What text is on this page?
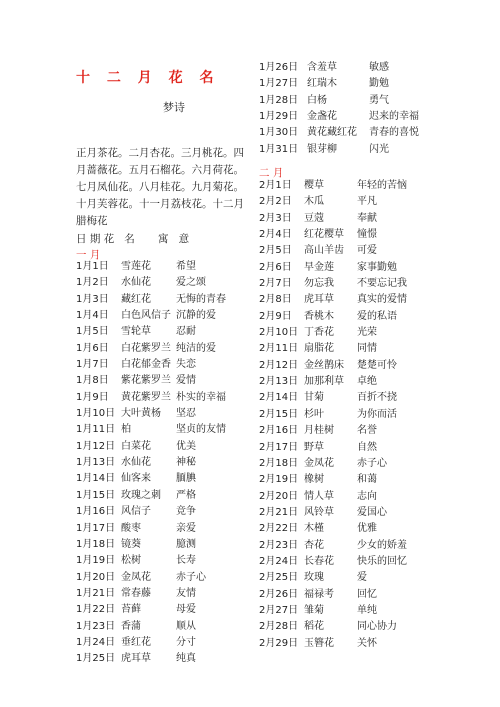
十 二 月 花 名
梦诗

正月茶花。二月杏花。三月桃花。四
月蔷薇花。五月石榴花。六月荷花。
七月凤仙花。八月桂花。九月菊花。
十月芙蓉花。十一月荔枝花。十二月
腊梅花

日 期 花   名       寓   意
一 月
1月1日 雪莲花	希望
1月2日 水仙花	爱之颂
1月3日 藏红花	无悔的青春
1月4日 白色风信子 沉静的爱
1月5日 雪轮草	忍耐
1月6日 白花紫罗兰 纯洁的爱
1月7日 白花郁金香 失恋
1月8日 紫花紫罗兰 爱情
1月9日 黄花紫罗兰 朴实的幸福
1月10日 大叶黄杨 坚忍
1月11日 柏	坚贞的友情
1月12日 白菜花	优美
1月13日 水仙花	神秘
1月14日 仙客来	腼腆
1月15日 玫瑰之刺 严格
1月16日 风信子	竞争
1月17日 酸枣	亲爱
1月18日 镜葵	臆测
1月19日 松树	长寿
1月20日 金凤花	赤子心
1月21日 常春藤	友情
1月22日 苔藓	母爱
1月23日 香蒲	顺从
1月24日 垂红花	分寸
1月25日 虎耳草	纯真
1月26日 含羞草	敏感
1月27日 红瑞木	勤勉
1月28日 白杨	勇气
1月29日 金盏花	迟来的幸福
1月30日 黄花藏红花 青春的喜悦
1月31日 银芽柳	闪光
二 月
2月1日 樱草	年轻的苦恼
2月2日 木瓜	平凡
2月3日 豆蔻	奉献
2月4日 红花樱草 憧憬
2月5日 高山羊齿 可爱
2月6日 早金莲 家事勤勉
2月7日 勿忘我 不要忘记我
2月8日 虎耳草 真实的爱情
2月9日 香桃木 爱的私语
2月10日 丁香花 光荣
2月11日 扇脂花 同情
2月12日 金丝鹊床 楚楚可怜
2月13日 加那利草 卓绝
2月14日 甘菊	百折不挠
2月15日 杉叶	为你而活
2月16日 月桂树 名誉
2月17日 野草	自然
2月18日 金凤花 赤子心
2月19日 橡树	和蔼
2月20日 情人草 志向
2月21日 风铃草 爱国心
2月22日 木槿	优雅
2月23日 杏花	少女的娇羞
2月24日 长春花 快乐的回忆
2月25日 玫瑰	爱
2月26日 福禄考 回忆
2月27日 雏菊	单纯
2月28日 稻花	同心协力
2月29日 玉簪花 关怀
